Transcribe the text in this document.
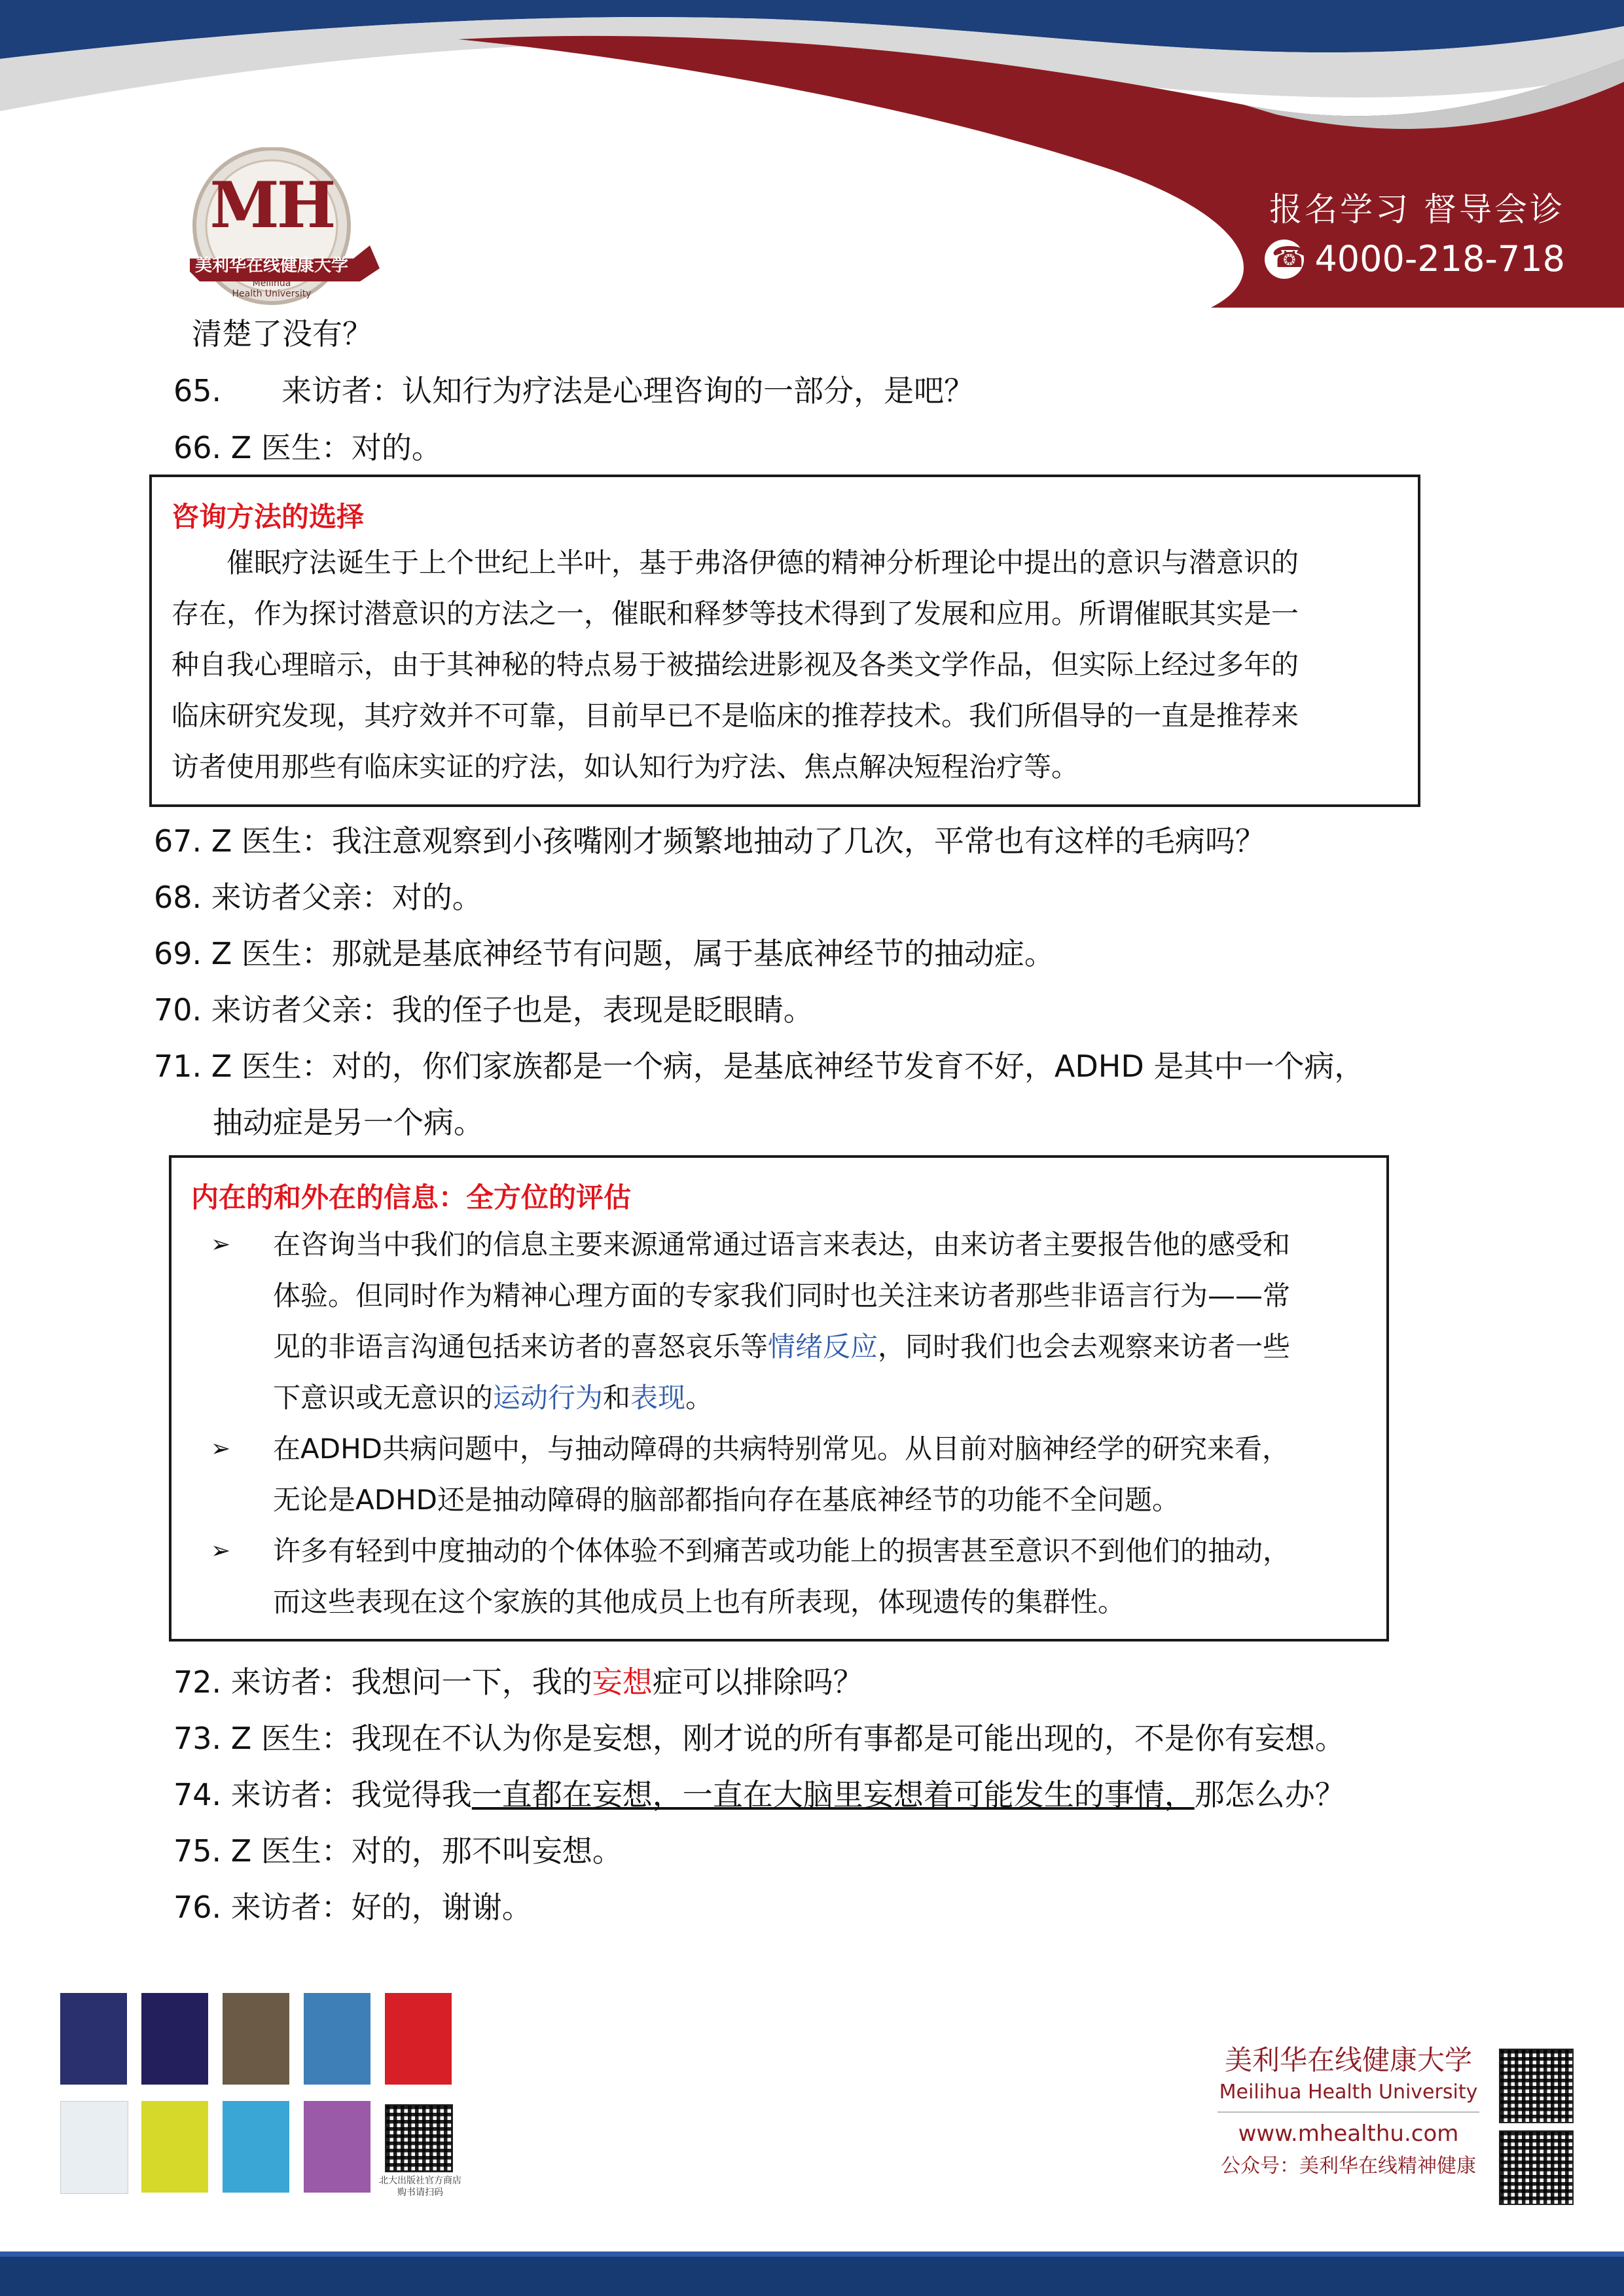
MH
美利华在线健康大学
Meilihua
Health University
报名学习 督导会诊
☎
4000-218-718
清楚了没有？
65.　　来访者：认知行为疗法是心理咨询的一部分，是吧？
66. Z 医生：对的。
咨询方法的选择

　　催眠疗法诞生于上个世纪上半叶，基于弗洛伊德的精神分析理论中提出的意识与潜意识的

存在，作为探讨潜意识的方法之一，催眠和释梦等技术得到了发展和应用。所谓催眠其实是一

种自我心理暗示，由于其神秘的特点易于被描绘进影视及各类文学作品，但实际上经过多年的

临床研究发现，其疗效并不可靠，目前早已不是临床的推荐技术。我们所倡导的一直是推荐来

访者使用那些有临床实证的疗法，如认知行为疗法、焦点解决短程治疗等。

67. Z 医生：我注意观察到小孩嘴刚才频繁地抽动了几次，平常也有这样的毛病吗？
68. 来访者父亲：对的。
69. Z 医生：那就是基底神经节有问题，属于基底神经节的抽动症。
70. 来访者父亲：我的侄子也是，表现是眨眼睛。
71. Z 医生：对的，你们家族都是一个病，是基底神经节发育不好，ADHD 是其中一个病，
抽动症是另一个病。
内在的和外在的信息：全方位的评估
➢ 在咨询当中我们的信息主要来源通常通过语言来表达，由来访者主要报告他的感受和
体验。但同时作为精神心理方面的专家我们同时也关注来访者那些非语言行为——常
见的非语言沟通包括来访者的喜怒哀乐等情绪反应，同时我们也会去观察来访者一些
下意识或无意识的运动行为和表现。
➢ 在ADHD共病问题中，与抽动障碍的共病特别常见。从目前对脑神经学的研究来看，
无论是ADHD还是抽动障碍的脑部都指向存在基底神经节的功能不全问题。
➢ 许多有轻到中度抽动的个体体验不到痛苦或功能上的损害甚至意识不到他们的抽动，
而这些表现在这个家族的其他成员上也有所表现，体现遗传的集群性。
72. 来访者：我想问一下，我的妄想症可以排除吗？
73. Z 医生：我现在不认为你是妄想，刚才说的所有事都是可能出现的，不是你有妄想。
74. 来访者：我觉得我一直都在妄想，一直在大脑里妄想着可能发生的事情，那怎么办？
75. Z 医生：对的，那不叫妄想。
76. 来访者：好的，谢谢。
北大出版社官方商店
购书请扫码
美利华在线健康大学
Meilihua Health University
www.mhealthu.com
公众号：美利华在线精神健康
